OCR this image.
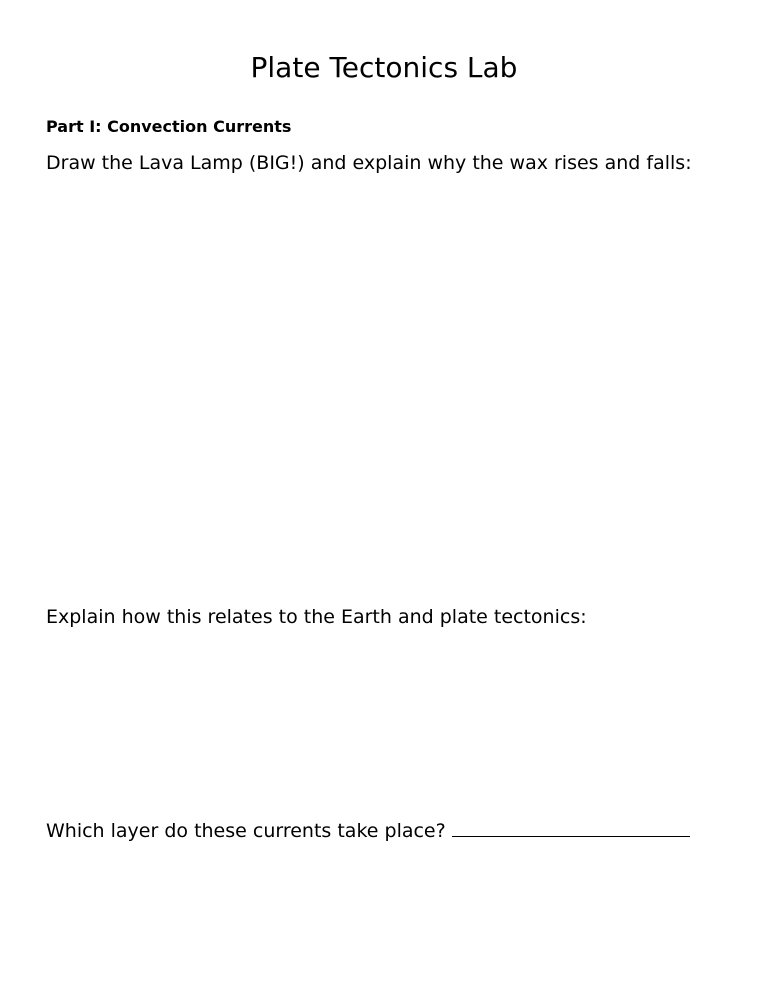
Plate Tectonics Lab
Part I: Convection Currents

Draw the Lava Lamp (BIG!) and explain why the wax rises and falls:

Explain how this relates to the Earth and plate tectonics:

Which layer do these currents take place?
